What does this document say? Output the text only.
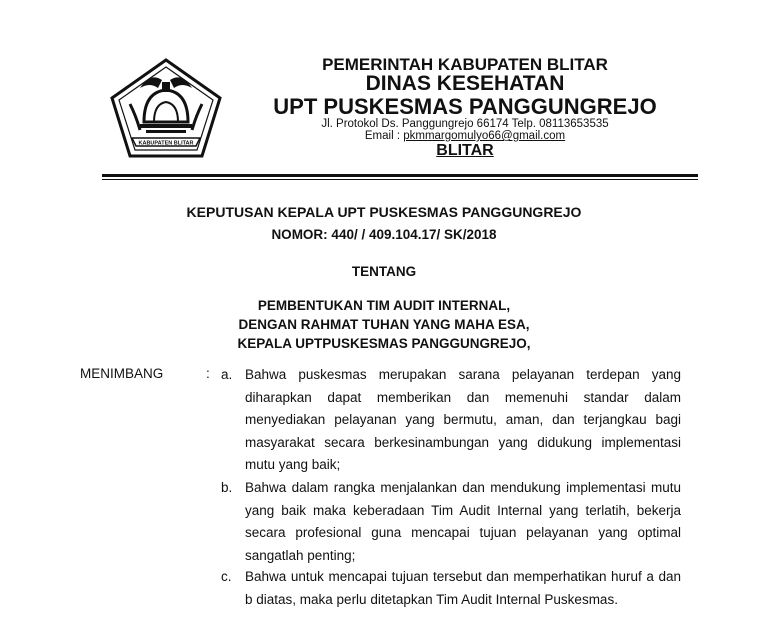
KABUPATEN BLITAR
PEMERINTAH KABUPATEN BLITAR
DINAS KESEHATAN
UPT PUSKESMAS PANGGUNGREJO
Jl. Protokol Ds. Panggungrejo 66174 Telp. 08113653535
Email : pkmmargomulyo66@gmail.com
BLITAR
KEPUTUSAN KEPALA UPT PUSKESMAS PANGGUNGREJO
NOMOR: 440/ / 409.104.17/ SK/2018
TENTANG
PEMBENTUKAN TIM AUDIT INTERNAL,
DENGAN RAHMAT TUHAN YANG MAHA ESA,
KEPALA UPTPUSKESMAS PANGGUNGREJO,
MENIMBANG	: a. Bahwa puskesmas merupakan sarana pelayanan terdepan yang diharapkan dapat memberikan dan memenuhi standar dalam menyediakan pelayanan yang bermutu, aman, dan terjangkau bagi masyarakat secara berkesinambungan yang didukung implementasi mutu yang baik;
b. Bahwa dalam rangka menjalankan dan mendukung implementasi mutu yang baik maka keberadaan Tim Audit Internal yang terlatih, bekerja secara profesional guna mencapai tujuan pelayanan yang optimal sangatlah penting;
c. Bahwa untuk mencapai tujuan tersebut dan memperhatikan huruf a dan b diatas, maka perlu ditetapkan Tim Audit Internal Puskesmas.
